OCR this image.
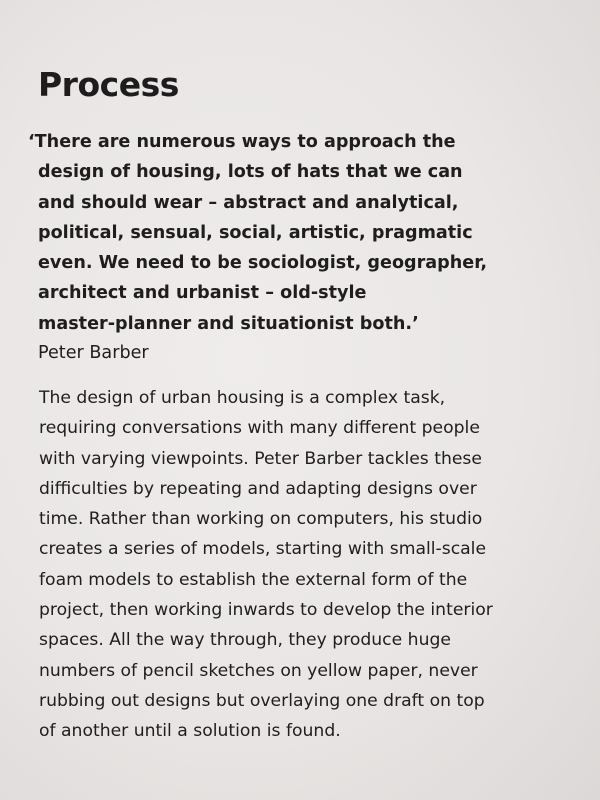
Process

‘There are numerous ways to approach the
design of housing, lots of hats that we can
and should wear – abstract and analytical,
political, sensual, social, artistic, pragmatic
even. We need to be sociologist, geographer,
architect and urbanist – old-style
master-planner and situationist both.’

Peter Barber

The design of urban housing is a complex task,
requiring conversations with many different people
with varying viewpoints. Peter Barber tackles these
difficulties by repeating and adapting designs over
time. Rather than working on computers, his studio
creates a series of models, starting with small-scale
foam models to establish the external form of the
project, then working inwards to develop the interior
spaces. All the way through, they produce huge
numbers of pencil sketches on yellow paper, never
rubbing out designs but overlaying one draft on top
of another until a solution is found.
